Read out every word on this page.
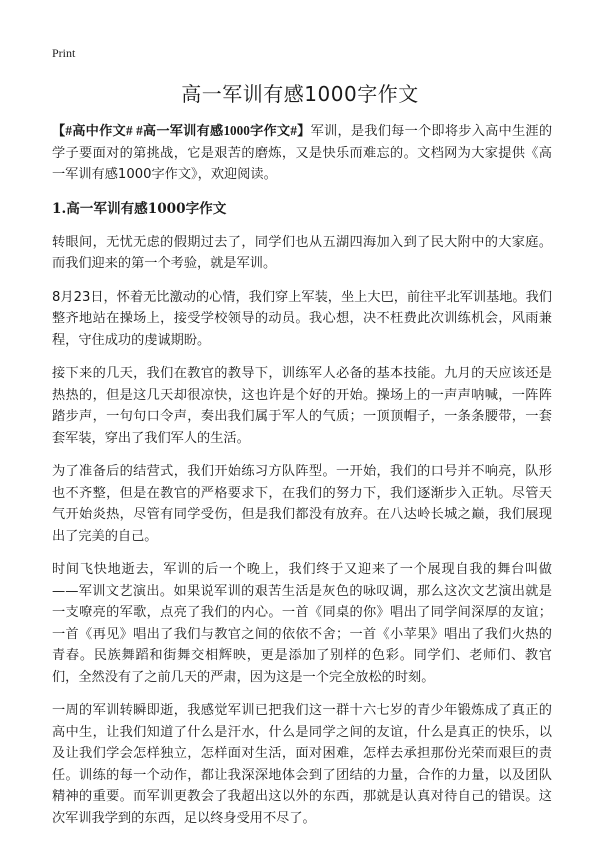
Print
高一军训有感1000字作文

【#高中作文# #高一军训有感1000字作文#】军训，是我们每一个即将步入高中生涯的学子要面对的第挑战，它是艰苦的磨炼，又是快乐而难忘的。文档网为大家提供《高一军训有感1000字作文》，欢迎阅读。

1.高一军训有感1000字作文

转眼间，无忧无虑的假期过去了，同学们也从五湖四海加入到了民大附中的大家庭。而我们迎来的第一个考验，就是军训。

8月23日，怀着无比激动的心情，我们穿上军装，坐上大巴，前往平北军训基地。我们整齐地站在操场上，接受学校领导的动员。我心想，决不枉费此次训练机会，风雨兼程，守住成功的虔诚期盼。

接下来的几天，我们在教官的教导下，训练军人必备的基本技能。九月的天应该还是热热的，但是这几天却很凉快，这也许是个好的开始。操场上的一声声呐喊，一阵阵踏步声，一句句口令声，奏出我们属于军人的气质；一顶顶帽子，一条条腰带，一套套军装，穿出了我们军人的生活。

为了准备后的结营式，我们开始练习方队阵型。一开始，我们的口号并不响亮，队形也不齐整，但是在教官的严格要求下，在我们的努力下，我们逐渐步入正轨。尽管天气开始炎热，尽管有同学受伤，但是我们都没有放弃。在八达岭长城之巅，我们展现出了完美的自己。

时间飞快地逝去，军训的后一个晚上，我们终于又迎来了一个展现自我的舞台叫做——军训文艺演出。如果说军训的艰苦生活是灰色的咏叹调，那么这次文艺演出就是一支嘹亮的军歌，点亮了我们的内心。一首《同桌的你》唱出了同学间深厚的友谊；一首《再见》唱出了我们与教官之间的依依不舍；一首《小苹果》唱出了我们火热的青春。民族舞蹈和街舞交相辉映，更是添加了别样的色彩。同学们、老师们、教官们，全然没有了之前几天的严肃，因为这是一个完全放松的时刻。

一周的军训转瞬即逝，我感觉军训已把我们这一群十六七岁的青少年锻炼成了真正的高中生，让我们知道了什么是汗水，什么是同学之间的友谊，什么是真正的快乐，以及让我们学会怎样独立，怎样面对生活，面对困难，怎样去承担那份光荣而艰巨的责任。训练的每一个动作，都让我深深地体会到了团结的力量，合作的力量，以及团队精神的重要。而军训更教会了我超出这以外的东西，那就是认真对待自己的错误。这次军训我学到的东西，足以终身受用不尽了。
